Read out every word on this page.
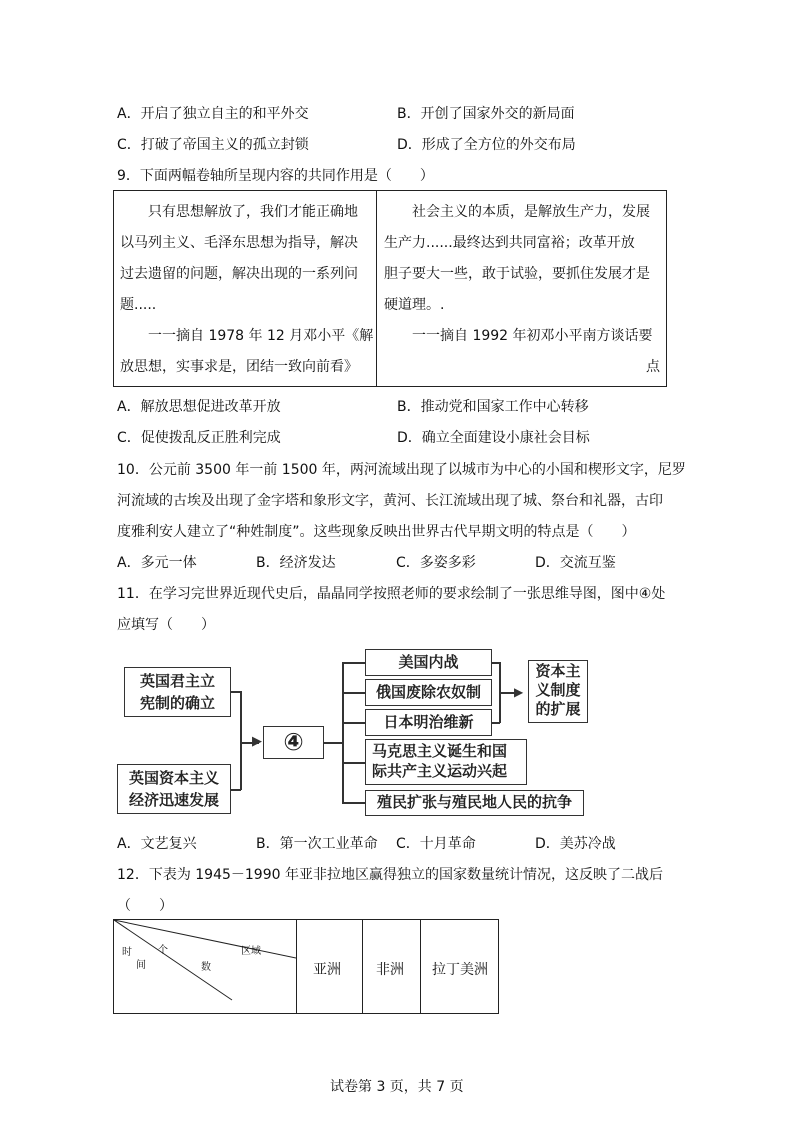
A．开启了独立自主的和平外交	B．开创了国家外交的新局面
C．打破了帝国主义的孤立封锁	D．形成了全方位的外交布局
9．下面两幅卷轴所呈现内容的共同作用是（　　）
　　只有思想解放了，我们才能正确地
以马列主义、毛泽东思想为指导，解决
过去遗留的问题，解决出现的一系列问
题.....
　　一一摘自 1978 年 12 月邓小平《解
放思想，实事求是，团结一致向前看》
　　社会主义的本质，是解放生产力，发展
生产力......最终达到共同富裕；改革开放
胆子要大一些，敢于试验，要抓住发展才是
硬道理。.
　　一一摘自 1992 年初邓小平南方谈话要
点
A．解放思想促进改革开放	B．推动党和国家工作中心转移
C．促使拨乱反正胜利完成	D．确立全面建设小康社会目标
10．公元前 3500 年一前 1500 年，两河流域出现了以城市为中心的小国和楔形文字，尼罗
河流域的古埃及出现了金字塔和象形文字，黄河、长江流域出现了城、祭台和礼器，古印
度雅利安人建立了“种姓制度”。这些现象反映出世界古代早期文明的特点是（　　）
A．多元一体	B．经济发达	C．多姿多彩	D．交流互鉴
11．在学习完世界近现代史后，晶晶同学按照老师的要求绘制了一张思维导图，图中④处
应填写（　　）
英国君主立
宪制的确立
英国资本主义
经济迅速发展
▶ ④
美国内战
俄国废除农奴制
日本明治维新
马克思主义诞生和国
际共产主义运动兴起
殖民扩张与殖民地人民的抗争
▶
资本主
义制度
的扩展
A．文艺复兴	B．第一次工业革命 C．十月革命	D．美苏冷战
12．下表为 1945－1990 年亚非拉地区赢得独立的国家数量统计情况，这反映了二战后
（　　）
区域
个
数
时
间	亚洲	非洲 拉丁美洲
试卷第 3 页，共 7 页
